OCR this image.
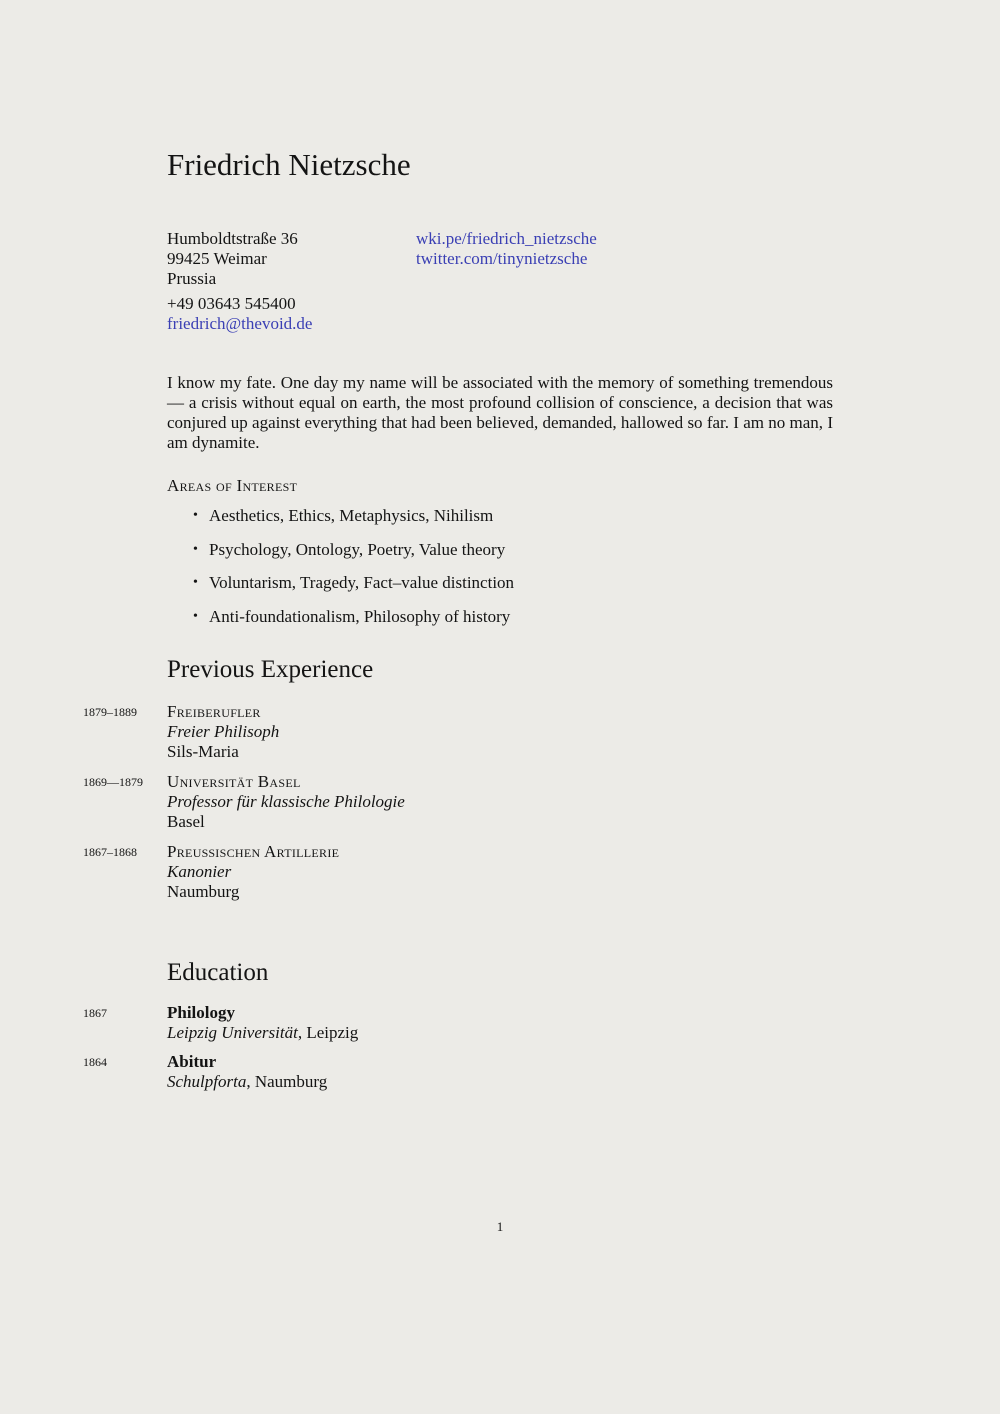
Friedrich Nietzsche
Humboldtstraße 36
99425 Weimar
Prussia
+49 03643 545400
friedrich@thevoid.de
wki.pe/friedrich_nietzsche
twitter.com/tinynietzsche

I know my fate. One day my name will be associated with the memory of something tremendous — a crisis without equal on earth, the most profound collision of conscience, a decision that was conjured up against everything that had been believed, demanded, hallowed so far. I am no man, I am dynamite.

Areas of Interest
• Aesthetics, Ethics, Metaphysics, Nihilism
• Psychology, Ontology, Poetry, Value theory
• Voluntarism, Tragedy, Fact–value distinction
• Anti-foundationalism, Philosophy of history
Previous Experience
1879–1889 Freiberufler
Freier Philisoph
Sils-Maria
1869—1879 Universität Basel
Professor für klassische Philologie
Basel
1867–1868 Preußischen Artillerie
Kanonier
Naumburg
Education
1867	Philology
Leipzig Universität, Leipzig
1864	Abitur
Schulpforta, Naumburg
1
